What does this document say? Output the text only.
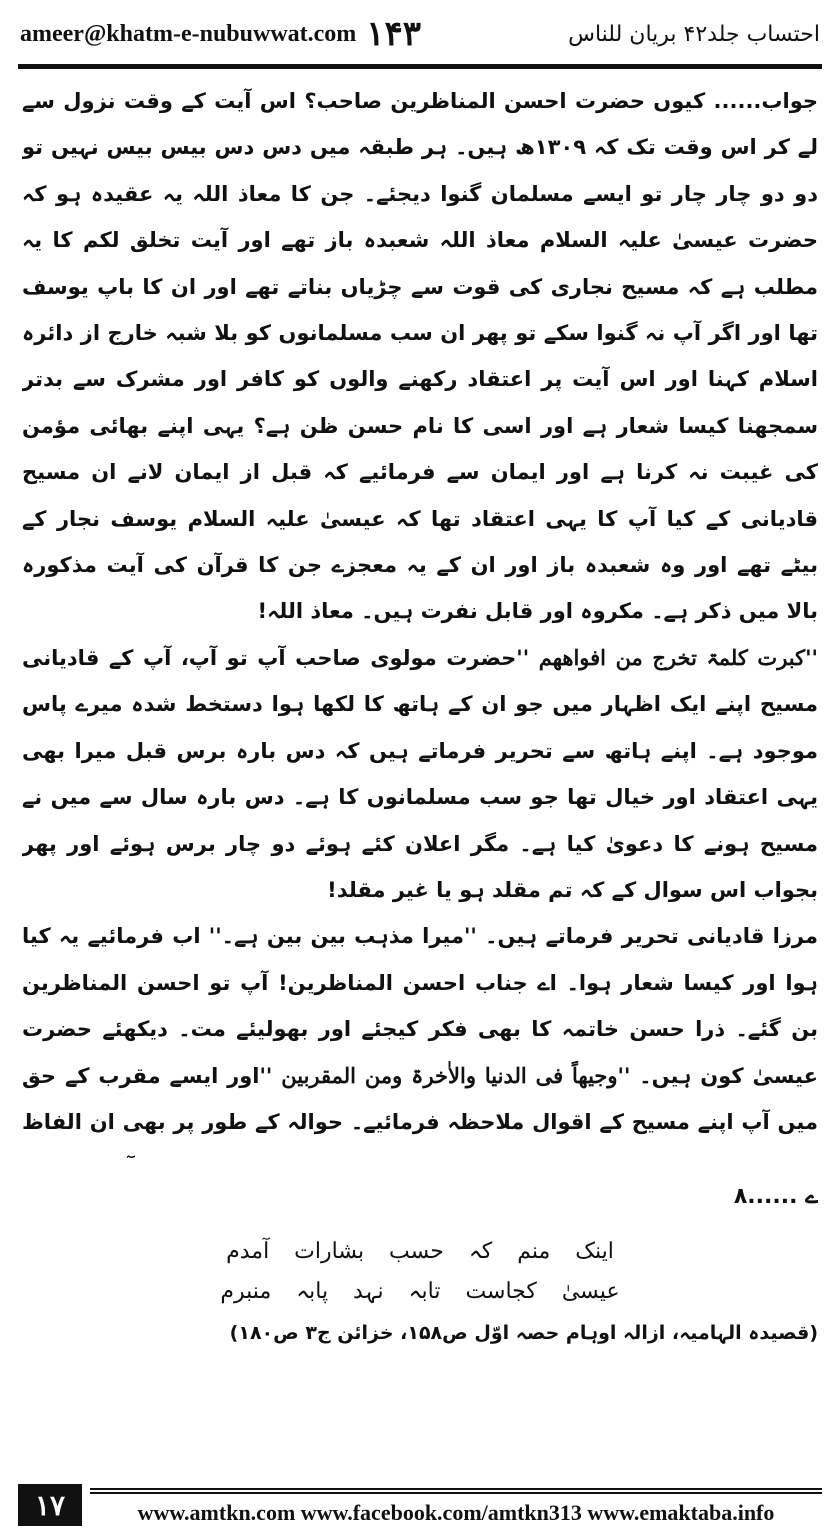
ameer@khatm-e-nubuwwat.com ۱۴۳	احتساب جلد۴۲ بریان للناس

جواب...... کیوں حضرت احسن المناظرین صاحب؟ اس آیت کے وقت نزول سے لے کر اس وقت تک کہ ۱۳۰۹ھ ہیں۔ ہر طبقہ میں دس دس بیس بیس نہیں تو دو دو چار چار تو ایسے مسلمان گنوا دیجئے۔ جن کا معاذ اللہ یہ عقیدہ ہو کہ حضرت عیسیٰ علیہ السلام معاذ اللہ شعبدہ باز تھے اور آیت تخلق لکم کا یہ مطلب ہے کہ مسیح نجاری کی قوت سے چڑیاں بناتے تھے اور ان کا باپ یوسف تھا اور اگر آپ نہ گنوا سکے تو پھر ان سب مسلمانوں کو بلا شبہ خارج از دائرہ اسلام کہنا اور اس آیت پر اعتقاد رکھنے والوں کو کافر اور مشرک سے بدتر سمجھنا کیسا شعار ہے اور اسی کا نام حسن ظن ہے؟ یہی اپنے بھائی مؤمن کی غیبت نہ کرنا ہے اور ایمان سے فرمائیے کہ قبل از ایمان لانے ان مسیح قادیانی کے کیا آپ کا یہی اعتقاد تھا کہ عیسیٰ علیہ السلام یوسف نجار کے بیٹے تھے اور وہ شعبدہ باز اور ان کے یہ معجزے جن کا قرآن کی آیت مذکورہ بالا میں ذکر ہے۔ مکروہ اور قابل نفرت ہیں۔ معاذ اللہ!

''کبرت کلمۃ تخرج من افواھھم ''حضرت مولوی صاحب آپ تو آپ، آپ کے قادیانی مسیح اپنے ایک اظہار میں جو ان کے ہاتھ کا لکھا ہوا دستخط شدہ میرے پاس موجود ہے۔ اپنے ہاتھ سے تحریر فرماتے ہیں کہ دس بارہ برس قبل میرا بھی یہی اعتقاد اور خیال تھا جو سب مسلمانوں کا ہے۔ دس بارہ سال سے میں نے مسیح ہونے کا دعویٰ کیا ہے۔ مگر اعلان کئے ہوئے دو چار برس ہوئے اور پھر بجواب اس سوال کے کہ تم مقلد ہو یا غیر مقلد!

مرزا قادیانی تحریر فرماتے ہیں۔ ''میرا مذہب بین بین ہے۔'' اب فرمائیے یہ کیا ہوا اور کیسا شعار ہوا۔ اے جناب احسن المناظرین! آپ تو احسن المناظرین بن گئے۔ ذرا حسن خاتمہ کا بھی فکر کیجئے اور بھولیئے مت۔ دیکھئے حضرت عیسیٰ کون ہیں۔ ''وجیھاً فی الدنیا والاٰخرۃ ومن المقربین ''اور ایسے مقرب کے حق میں آپ اپنے مسیح کے اقوال ملاحظہ فرمائیے۔ حوالہ کے طور پر بھی ان الفاظ

۸...... ے
اینک منم کہ حسب بشارات آمدم
عیسیٰ کجاست تابہ نہد پابہ منبرم
(قصیدہ الہامیہ، ازالہ اوہام حصہ اوّل ص۱۵۸، خزائن ج۳ ص۱۸۰)
۱۷	www.amtkn.com www.facebook.com/amtkn313 www.emaktaba.info
